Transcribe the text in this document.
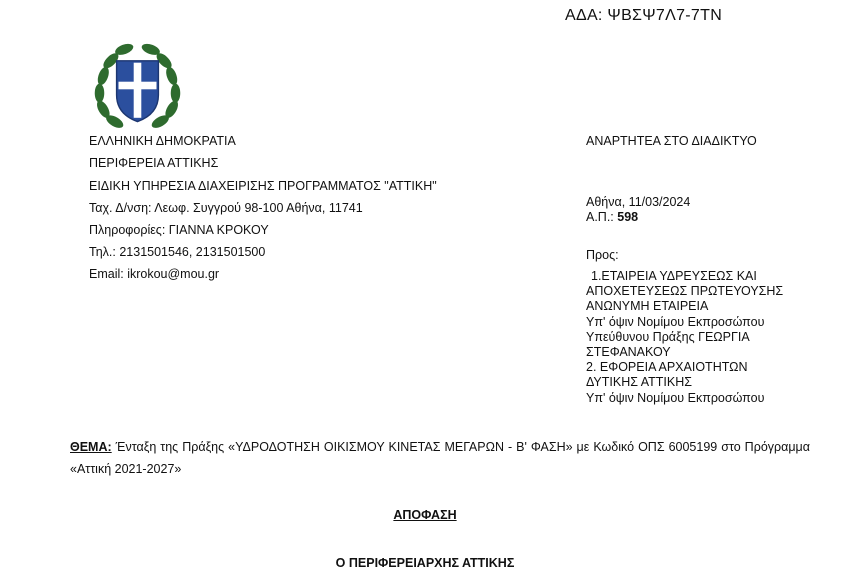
ΑΔΑ: ΨΒΣΨ7Λ7-7ΤΝ
ΕΛΛΗΝΙΚΗ ΔΗΜΟΚΡΑΤΙΑ
ΠΕΡΙΦΕΡΕΙΑ ΑΤΤΙΚΗΣ
ΕΙΔΙΚΗ ΥΠΗΡΕΣΙΑ ΔΙΑΧΕΙΡΙΣΗΣ ΠΡΟΓΡΑΜΜΑΤΟΣ "ΑΤΤΙΚΗ"
Ταχ. Δ/νση: Λεωφ. Συγγρού 98-100 Αθήνα, 11741
Πληροφορίες: ΓΙΑΝΝΑ ΚΡΟΚΟΥ
Τηλ.: 2131501546, 2131501500
Email: ikrokou@mou.gr
ΑΝΑΡΤΗΤΕΑ ΣΤΟ ΔΙΑΔΙΚΤΥΟ
Αθήνα, 11/03/2024
Α.Π.: 598
Προς:
1.ΕΤΑΙΡΕΙΑ ΥΔΡΕΥΣΕΩΣ ΚΑΙ
ΑΠΟΧΕΤΕΥΣΕΩΣ ΠΡΩΤΕΥΟΥΣΗΣ
ΑΝΩΝΥΜΗ ΕΤΑΙΡΕΙΑ
Υπ' όψιν Νομίμου Εκπροσώπου
Υπεύθυνου Πράξης ΓΕΩΡΓΙΑ
ΣΤΕΦΑΝΑΚΟΥ
2. ΕΦΟΡΕΙΑ ΑΡΧΑΙΟΤΗΤΩΝ
ΔΥΤΙΚΗΣ ΑΤΤΙΚΗΣ
Υπ' όψιν Νομίμου Εκπροσώπου
ΘΕΜΑ: Ένταξη της Πράξης «ΥΔΡΟΔΟΤΗΣΗ ΟΙΚΙΣΜΟΥ ΚΙΝΕΤΑΣ ΜΕΓΑΡΩΝ - Β' ΦΑΣΗ» με Κωδικό ΟΠΣ 6005199 στο Πρόγραμμα «Αττική 2021-2027»
ΑΠΟΦΑΣΗ
Ο ΠΕΡΙΦΕΡΕΙΑΡΧΗΣ ΑΤΤΙΚΗΣ
